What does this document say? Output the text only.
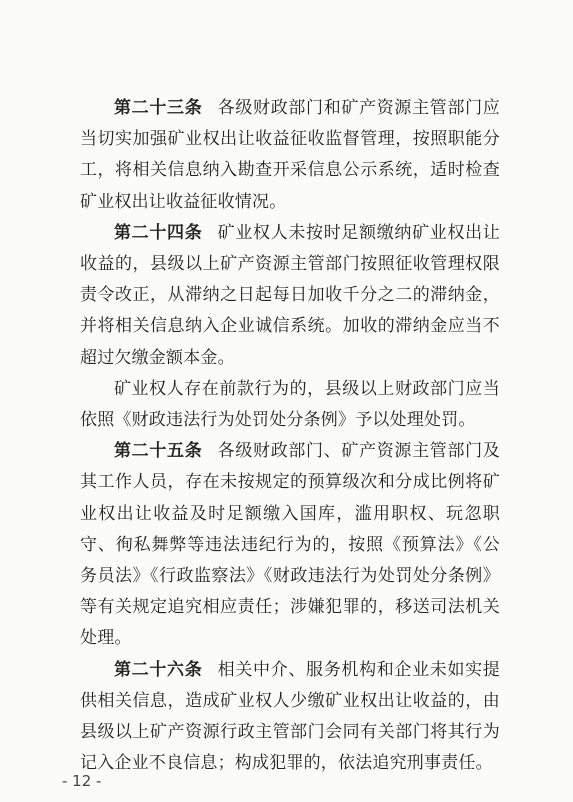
第二十三条 各级财政部门和矿产资源主管部门应当切实加强矿业权出让收益征收监督管理，按照职能分工，将相关信息纳入勘查开采信息公示系统，适时检查矿业权出让收益征收情况。

第二十四条 矿业权人未按时足额缴纳矿业权出让收益的，县级以上矿产资源主管部门按照征收管理权限责令改正，从滞纳之日起每日加收千分之二的滞纳金，并将相关信息纳入企业诚信系统。加收的滞纳金应当不超过欠缴金额本金。

矿业权人存在前款行为的，县级以上财政部门应当依照《财政违法行为处罚处分条例》予以处理处罚。

第二十五条 各级财政部门、矿产资源主管部门及其工作人员，存在未按规定的预算级次和分成比例将矿业权出让收益及时足额缴入国库，滥用职权、玩忽职守、徇私舞弊等违法违纪行为的，按照《预算法》《公务员法》《行政监察法》《财政违法行为处罚处分条例》等有关规定追究相应责任；涉嫌犯罪的，移送司法机关处理。

第二十六条 相关中介、服务机构和企业未如实提供相关信息，造成矿业权人少缴矿业权出让收益的，由县级以上矿产资源行政主管部门会同有关部门将其行为记入企业不良信息；构成犯罪的，依法追究刑事责任。

- 12 -
